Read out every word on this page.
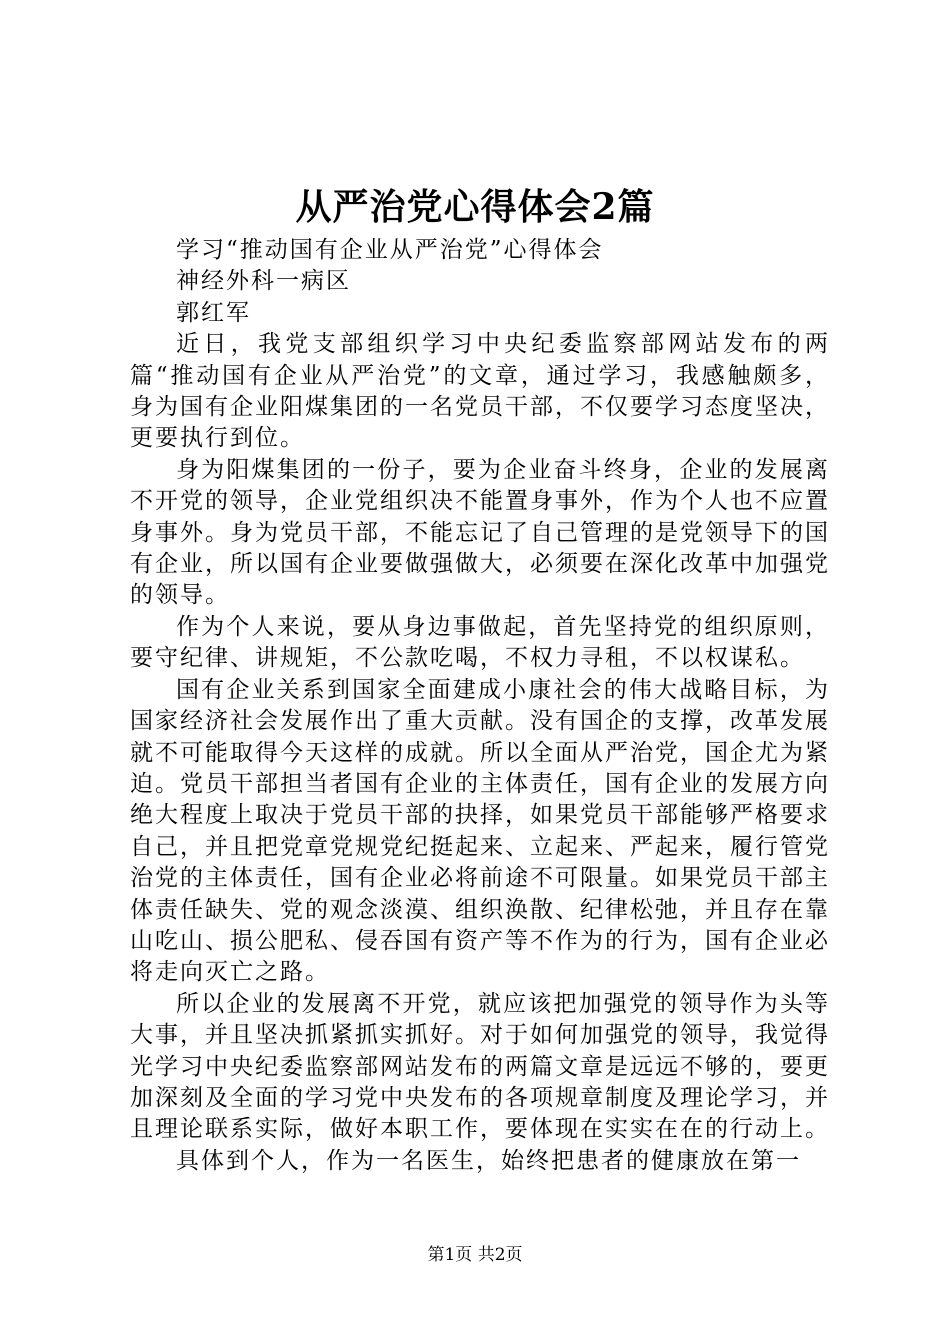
从严治党心得体会2篇

学习“推动国有企业从严治党”心得体会

神经外科一病区

郭红军

近日，我党支部组织学习中央纪委监察部网站发布的两篇“推动国有企业从严治党”的文章，通过学习，我感触颇多，身为国有企业阳煤集团的一名党员干部，不仅要学习态度坚决，更要执行到位。

身为阳煤集团的一份子，要为企业奋斗终身，企业的发展离不开党的领导，企业党组织决不能置身事外，作为个人也不应置身事外。身为党员干部，不能忘记了自己管理的是党领导下的国有企业，所以国有企业要做强做大，必须要在深化改革中加强党的领导。

作为个人来说，要从身边事做起，首先坚持党的组织原则，要守纪律、讲规矩，不公款吃喝，不权力寻租，不以权谋私。

国有企业关系到国家全面建成小康社会的伟大战略目标，为国家经济社会发展作出了重大贡献。没有国企的支撑，改革发展就不可能取得今天这样的成就。所以全面从严治党，国企尤为紧迫。党员干部担当者国有企业的主体责任，国有企业的发展方向绝大程度上取决于党员干部的抉择，如果党员干部能够严格要求自己，并且把党章党规党纪挺起来、立起来、严起来，履行管党治党的主体责任，国有企业必将前途不可限量。如果党员干部主体责任缺失、党的观念淡漠、组织涣散、纪律松弛，并且存在靠山吃山、损公肥私、侵吞国有资产等不作为的行为，国有企业必将走向灭亡之路。

所以企业的发展离不开党，就应该把加强党的领导作为头等大事，并且坚决抓紧抓实抓好。对于如何加强党的领导，我觉得光学习中央纪委监察部网站发布的两篇文章是远远不够的，要更加深刻及全面的学习党中央发布的各项规章制度及理论学习，并且理论联系实际，做好本职工作，要体现在实实在在的行动上。

具体到个人，作为一名医生，始终把患者的健康放在第一

第1页 共2页
